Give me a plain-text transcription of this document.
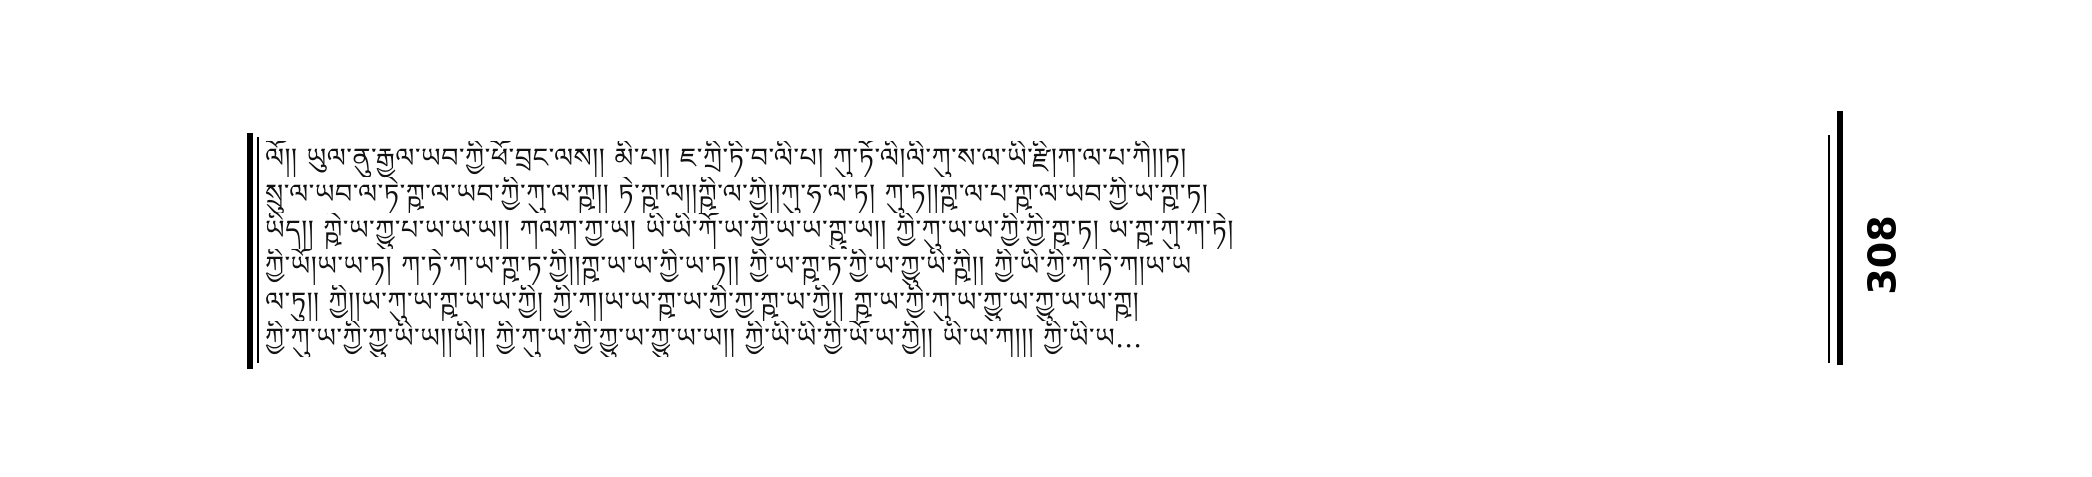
ལོ།། ཡུལ་ནུ་རྒྱལ་ཡབ་ཀྱི་ཕོ་བྲང་ལས།། མི་པ།། ཇ་ཀྲི་ཏི་བ་ལི་པ། ཀུ་ཏོ་ལི།ལི་ཀུ་ས་ལ་ཡི་རྫི།ཀ་ལ་པ་ཀི།།ཏ།
སྲུ་ལ་ཡབ་ལ་ཏེ་ཀྵ་ལ་ཡབ་ཀྱི་ཀུ་ལ་ཀྵ།། ཏེ་ཀྵ་ལ།།ཀྵི་ལ་ཀྱི།།ཀུ་ཧ་ལ་ཏ། ཀུ་ཏ།།ཀྵ་ལ་པ་ཀྵ་ལ་ཡབ་ཀྱི་ཡ་ཀྵ་ཏ།
ཡིད།། ཀྵེ་ཡ་ཀྱུ་པ་ཡ་ཡ་ཡ།། ཀལཀ་ཀྱ་ཡ། ཡི་ཡི་ཀོ་ཡ་ཀྱི་ཡ་ཡ་ཀྵུ་ཡ།། ཀྱི་ཀུ་ཡ་ཡ་ཀྱི་ཀྱི་ཀྵ་ཏ། ཡ་ཀྵ་ཀུ་ཀ་ཏེ།
ཀྱི་ཡོ།ཡ་ཡ་ཏ། ཀ་ཏེ་ཀ་ཡ་ཀྵ་ཏ་ཀྱི།།ཀྵ་ཡ་ཡ་ཀྱི་ཡ་ཏ།། ཀྱི་ཡ་ཀྵ་ཏ་ཀྱི་ཡ་ཀྱུ་ཡི་ཀྵི།། ཀྱི་ཡི་ཀྱི་ཀ་ཏེ་ཀ།ཡ་ཡ
ལ་ཏུ།། ཀྱི།།ཡ་ཀུ་ཡ་ཀྵ་ཡ་ཡ་ཀྱི། ཀྱི་ཀ།ཡ་ཡ་ཀྵ་ཡ་ཀྱི་ཀྱ་ཀྵ་ཡ་ཀྱི།། ཀྵ་ཡ་ཀྱི་ཀུ་ཡ་ཀྱུ་ཡ་ཀྱུ་ཡ་ཡ་ཀྵ།
ཀྱི་ཀུ་ཡ་ཀྱི་ཀྱུ་ཡི་ཡ།།ཡི།། ཀྱི་ཀུ་ཡ་ཀྱི་ཀྱུ་ཡ་ཀྱུ་ཡ་ཡ།། ཀྱི་ཡི་ཡི་ཀྱི་ཡོ་ཡ་ཀྱི།། ཡི་ཡ་ཀ།།། ཀྱི་ཡི་ཡ…
308
